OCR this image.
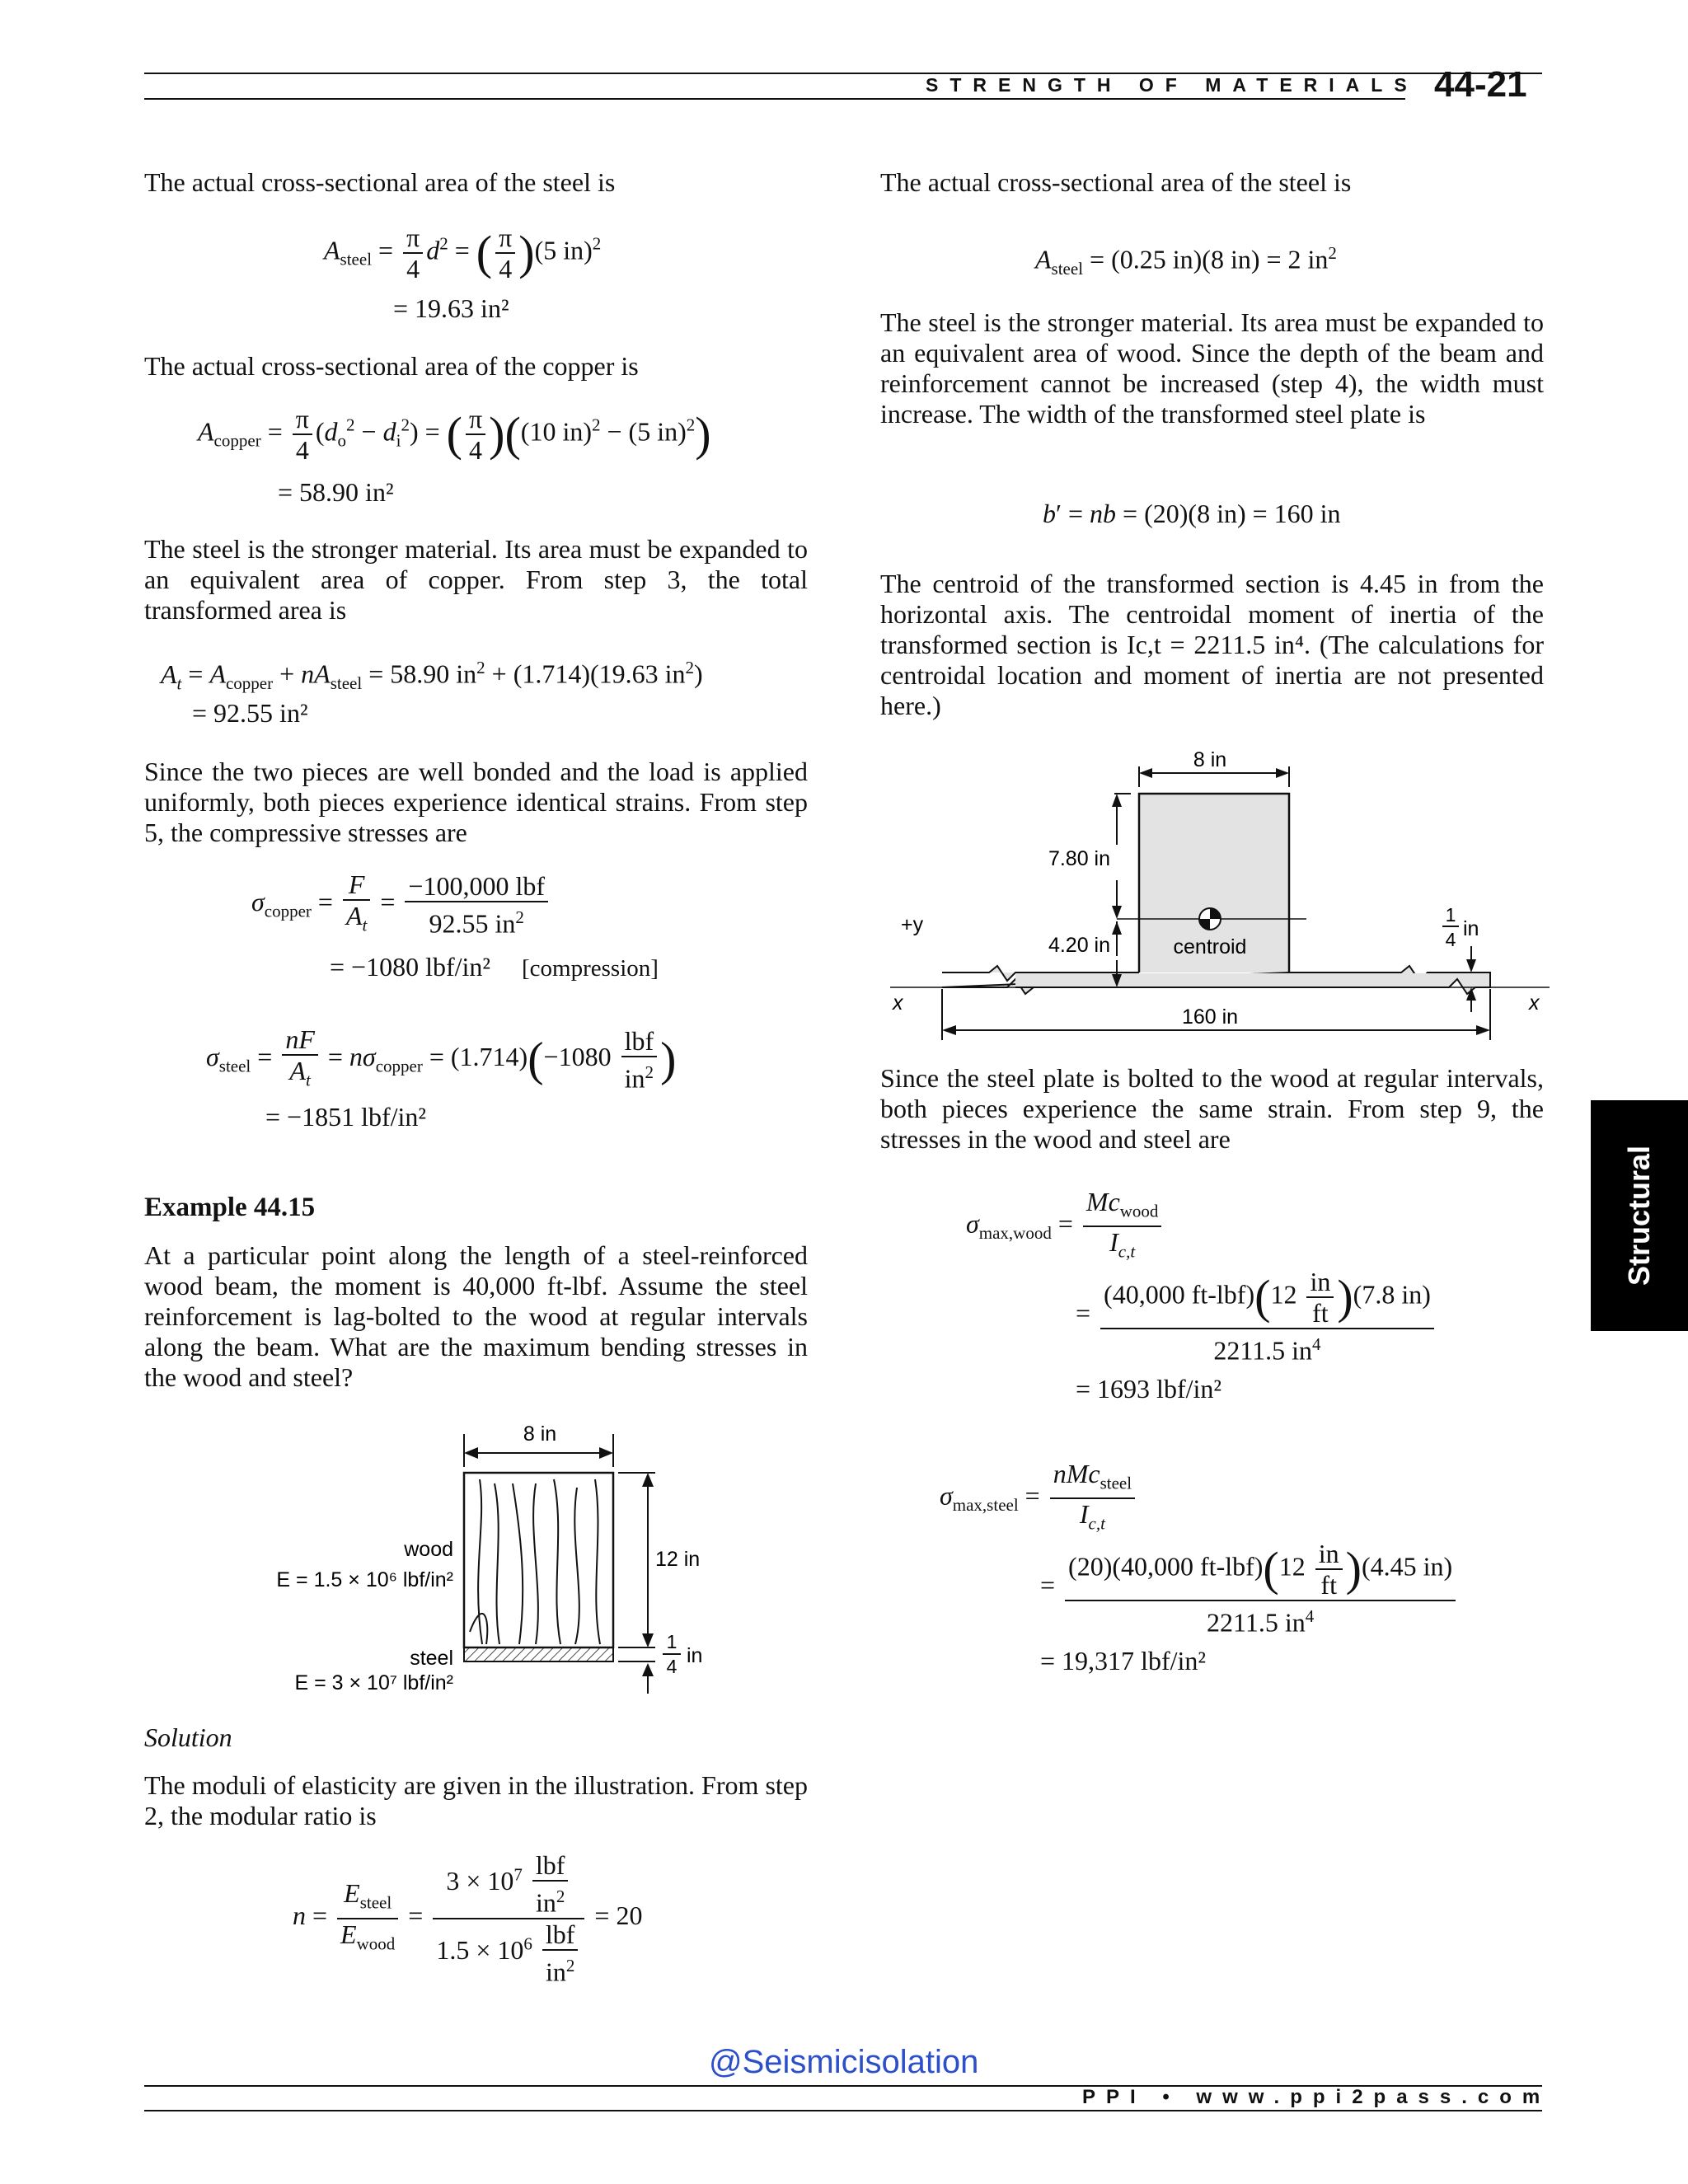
STRENGTH OF MATERIALS 44-21
The actual cross-sectional area of the steel is
$A_{steel} = \frac{\pi}{4} d^2$ = ( $\frac{\pi}{4} )(5$ in)$^2$
= 19.63 in²
The actual cross-sectional area of the copper is
$A_{copper} = \frac{\pi}{4} (d_o^2 - d_i^2)$ = ( $\frac{\pi}{4} )((10$ in)$^2$ − (5 in)$^2$)
= 58.90 in²
The steel is the stronger material. Its area must be expanded to an equivalent area of copper. From step 3, the total transformed area is
$A_t = A_{copper} + nA_{steel} = 58.90$ $in^2 + (1.714)(19.63$ $in^2$)
= 92.55 in²
Since the two pieces are well bonded and the load is applied uniformly, both pieces experience identical strains. From step 5, the compressive stresses are
$\sigma_{copper} = \frac{F}{A_t} = \frac{\text{−100,000 lbf}}{92.55 in^2}$
= −1080 lbf/in² [compression]
$\sigma_{steel} = \frac{nF}{A_t} = n\sigma_{copper} = (1.714)(-1080 \frac{\text{lbf}}{in^2}$ )
= −1851 lbf/in²
Example 44.15
At a particular point along the length of a steel-reinforced wood beam, the moment is 40,000 ft-lbf. Assume the steel reinforcement is lag-bolted to the wood at regular intervals along the beam. What are the maximum bending stresses in the wood and steel?
8 in
12 in
1
4 in
wood
E = 1.5 × 10⁶ lbf/in²
steel
E = 3 × 10⁷ lbf/in²
Solution
The moduli of elasticity are given in the illustration. From step 2, the modular ratio is
$n = \frac{E_{steel}}{E_{wood}} = \frac{3 \times 10^7 \frac{\text{lbf}}{in^2}}{1.5 \times 10^6 \frac{\text{lbf}}{in^2}} = 20$
The actual cross-sectional area of the steel is
$A_{steel} = (0.25$ in)(8 in) = 2 $in^2$
The steel is the stronger material. Its area must be expanded to an equivalent area of wood. Since the depth of the beam and reinforcement cannot be increased (step 4), the width must increase. The width of the transformed steel plate is
b′ = nb = (20)(8 in) = 160 in
The centroid of the transformed section is 4.45 in from the horizontal axis. The centroidal moment of inertia of the transformed section is Ic,t = 2211.5 in⁴. (The calculations for centroidal location and moment of inertia are not presented here.)
8 in
x	x
+y
centroid
7.80 in
4.20 in
1
4 in
160 in
Since the steel plate is bolted to the wood at regular intervals, both pieces experience the same strain. From step 9, the stresses in the wood and steel are
$\sigma_{max,wood} = \frac{Mc_{wood}}{I_{c,t}}$
= $\frac{(40,000 ft-lbf)(12 \frac{in}{ft} )(7.8 in)}{2211.5 in^4}$
= 1693 lbf/in²
$\sigma_{max,steel} = \frac{nMc_{steel}}{I_{c,t}}$
= $\frac{(20)(40,000 ft-lbf)(12 \frac{in}{ft} )(4.45 in)}{2211.5 in^4}$
= 19,317 lbf/in²
Structural
@Seismicisolation
PPI • www.ppi2pass.com
